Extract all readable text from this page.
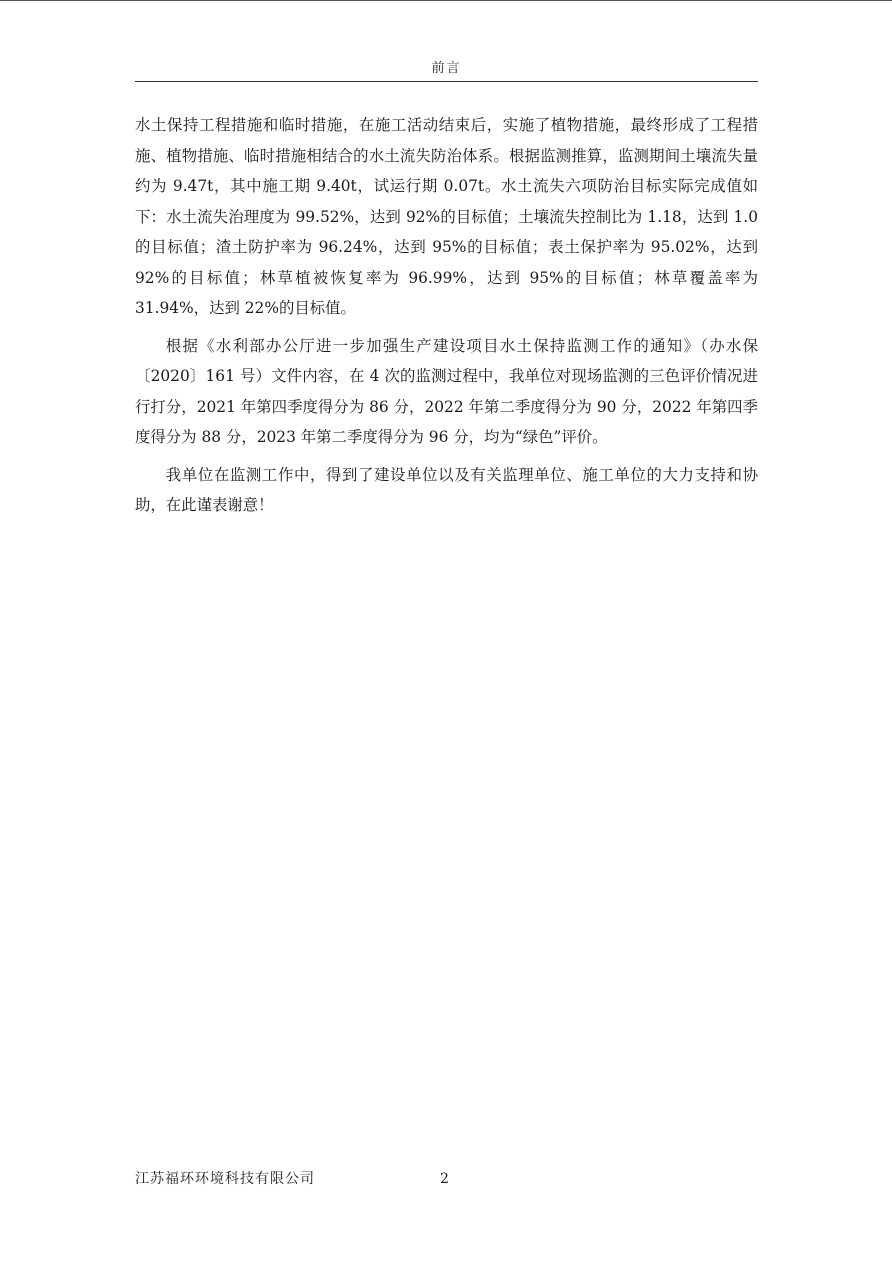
前言

水土保持工程措施和临时措施，在施工活动结束后，实施了植物措施，最终形成了工程措施、植物措施、临时措施相结合的水土流失防治体系。根据监测推算，监测期间土壤流失量约为 9.47t，其中施工期 9.40t，试运行期 0.07t。水土流失六项防治目标实际完成值如下：水土流失治理度为 99.52%，达到 92%的目标值；土壤流失控制比为 1.18，达到 1.0 的目标值；渣土防护率为 96.24%，达到 95%的目标值；表土保护率为 95.02%，达到 92%的目标值；林草植被恢复率为 96.99%，达到 95%的目标值；林草覆盖率为 31.94%，达到 22%的目标值。

根据《水利部办公厅进一步加强生产建设项目水土保持监测工作的通知》（办水保〔2020〕161 号）文件内容，在 4 次的监测过程中，我单位对现场监测的三色评价情况进行打分，2021 年第四季度得分为 86 分，2022 年第二季度得分为 90 分，2022 年第四季度得分为 88 分，2023 年第二季度得分为 96 分，均为“绿色”评价。

我单位在监测工作中，得到了建设单位以及有关监理单位、施工单位的大力支持和协助，在此谨表谢意！

江苏福环环境科技有限公司	2
